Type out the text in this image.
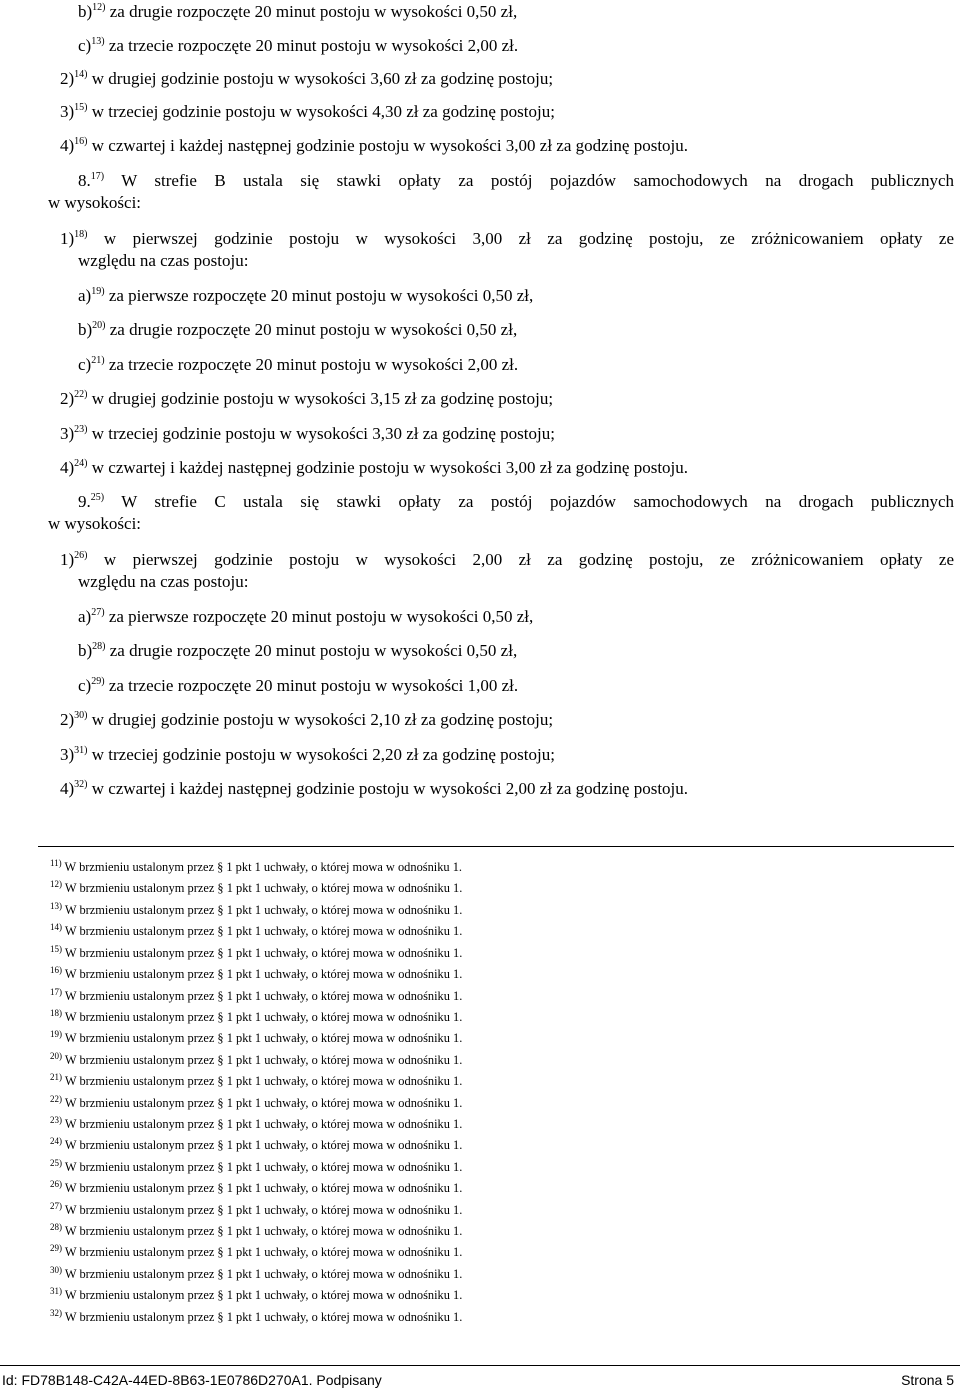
b)$^{12)}$ za drugie rozpoczęte 20 minut postoju w wysokości 0,50 zł,
c)$^{13)}$ za trzecie rozpoczęte 20 minut postoju w wysokości 2,00 zł.
2)$^{14)}$ w drugiej godzinie postoju w wysokości 3,60 zł za godzinę postoju;
3)$^{15)}$ w trzeciej godzinie postoju w wysokości 4,30 zł za godzinę postoju;
4)$^{16)}$ w czwartej i każdej następnej godzinie postoju w wysokości 3,00 zł za godzinę postoju.
8.$^{17)}$ W strefie B ustala się stawki opłaty za postój pojazdów samochodowych na drogach publicznych
w wysokości:
1)$^{18)}$ w pierwszej godzinie postoju w wysokości 3,00 zł za godzinę postoju, ze zróżnicowaniem opłaty ze
względu na czas postoju:
a)$^{19)}$ za pierwsze rozpoczęte 20 minut postoju w wysokości 0,50 zł,
b)$^{20)}$ za drugie rozpoczęte 20 minut postoju w wysokości 0,50 zł,
c)$^{21)}$ za trzecie rozpoczęte 20 minut postoju w wysokości 2,00 zł.
2)$^{22)}$ w drugiej godzinie postoju w wysokości 3,15 zł za godzinę postoju;
3)$^{23)}$ w trzeciej godzinie postoju w wysokości 3,30 zł za godzinę postoju;
4)$^{24)}$ w czwartej i każdej następnej godzinie postoju w wysokości 3,00 zł za godzinę postoju.
9.$^{25)}$ W strefie C ustala się stawki opłaty za postój pojazdów samochodowych na drogach publicznych
w wysokości:
1)$^{26)}$ w pierwszej godzinie postoju w wysokości 2,00 zł za godzinę postoju, ze zróżnicowaniem opłaty ze
względu na czas postoju:
a)$^{27)}$ za pierwsze rozpoczęte 20 minut postoju w wysokości 0,50 zł,
b)$^{28)}$ za drugie rozpoczęte 20 minut postoju w wysokości 0,50 zł,
c)$^{29)}$ za trzecie rozpoczęte 20 minut postoju w wysokości 1,00 zł.
2)$^{30)}$ w drugiej godzinie postoju w wysokości 2,10 zł za godzinę postoju;
3)$^{31)}$ w trzeciej godzinie postoju w wysokości 2,20 zł za godzinę postoju;
4)$^{32)}$ w czwartej i każdej następnej godzinie postoju w wysokości 2,00 zł za godzinę postoju.
$^{11)}$ W brzmieniu ustalonym przez § 1 pkt 1 uchwały, o której mowa w odnośniku 1.
$^{12)}$ W brzmieniu ustalonym przez § 1 pkt 1 uchwały, o której mowa w odnośniku 1.
$^{13)}$ W brzmieniu ustalonym przez § 1 pkt 1 uchwały, o której mowa w odnośniku 1.
$^{14)}$ W brzmieniu ustalonym przez § 1 pkt 1 uchwały, o której mowa w odnośniku 1.
$^{15)}$ W brzmieniu ustalonym przez § 1 pkt 1 uchwały, o której mowa w odnośniku 1.
$^{16)}$ W brzmieniu ustalonym przez § 1 pkt 1 uchwały, o której mowa w odnośniku 1.
$^{17)}$ W brzmieniu ustalonym przez § 1 pkt 1 uchwały, o której mowa w odnośniku 1.
$^{18)}$ W brzmieniu ustalonym przez § 1 pkt 1 uchwały, o której mowa w odnośniku 1.
$^{19)}$ W brzmieniu ustalonym przez § 1 pkt 1 uchwały, o której mowa w odnośniku 1.
$^{20)}$ W brzmieniu ustalonym przez § 1 pkt 1 uchwały, o której mowa w odnośniku 1.
$^{21)}$ W brzmieniu ustalonym przez § 1 pkt 1 uchwały, o której mowa w odnośniku 1.
$^{22)}$ W brzmieniu ustalonym przez § 1 pkt 1 uchwały, o której mowa w odnośniku 1.
$^{23)}$ W brzmieniu ustalonym przez § 1 pkt 1 uchwały, o której mowa w odnośniku 1.
$^{24)}$ W brzmieniu ustalonym przez § 1 pkt 1 uchwały, o której mowa w odnośniku 1.
$^{25)}$ W brzmieniu ustalonym przez § 1 pkt 1 uchwały, o której mowa w odnośniku 1.
$^{26)}$ W brzmieniu ustalonym przez § 1 pkt 1 uchwały, o której mowa w odnośniku 1.
$^{27)}$ W brzmieniu ustalonym przez § 1 pkt 1 uchwały, o której mowa w odnośniku 1.
$^{28)}$ W brzmieniu ustalonym przez § 1 pkt 1 uchwały, o której mowa w odnośniku 1.
$^{29)}$ W brzmieniu ustalonym przez § 1 pkt 1 uchwały, o której mowa w odnośniku 1.
$^{30)}$ W brzmieniu ustalonym przez § 1 pkt 1 uchwały, o której mowa w odnośniku 1.
$^{31)}$ W brzmieniu ustalonym przez § 1 pkt 1 uchwały, o której mowa w odnośniku 1.
$^{32)}$ W brzmieniu ustalonym przez § 1 pkt 1 uchwały, o której mowa w odnośniku 1.
Id: FD78B148-C42A-44ED-8B63-1E0786D270A1. Podpisany	Strona 5
